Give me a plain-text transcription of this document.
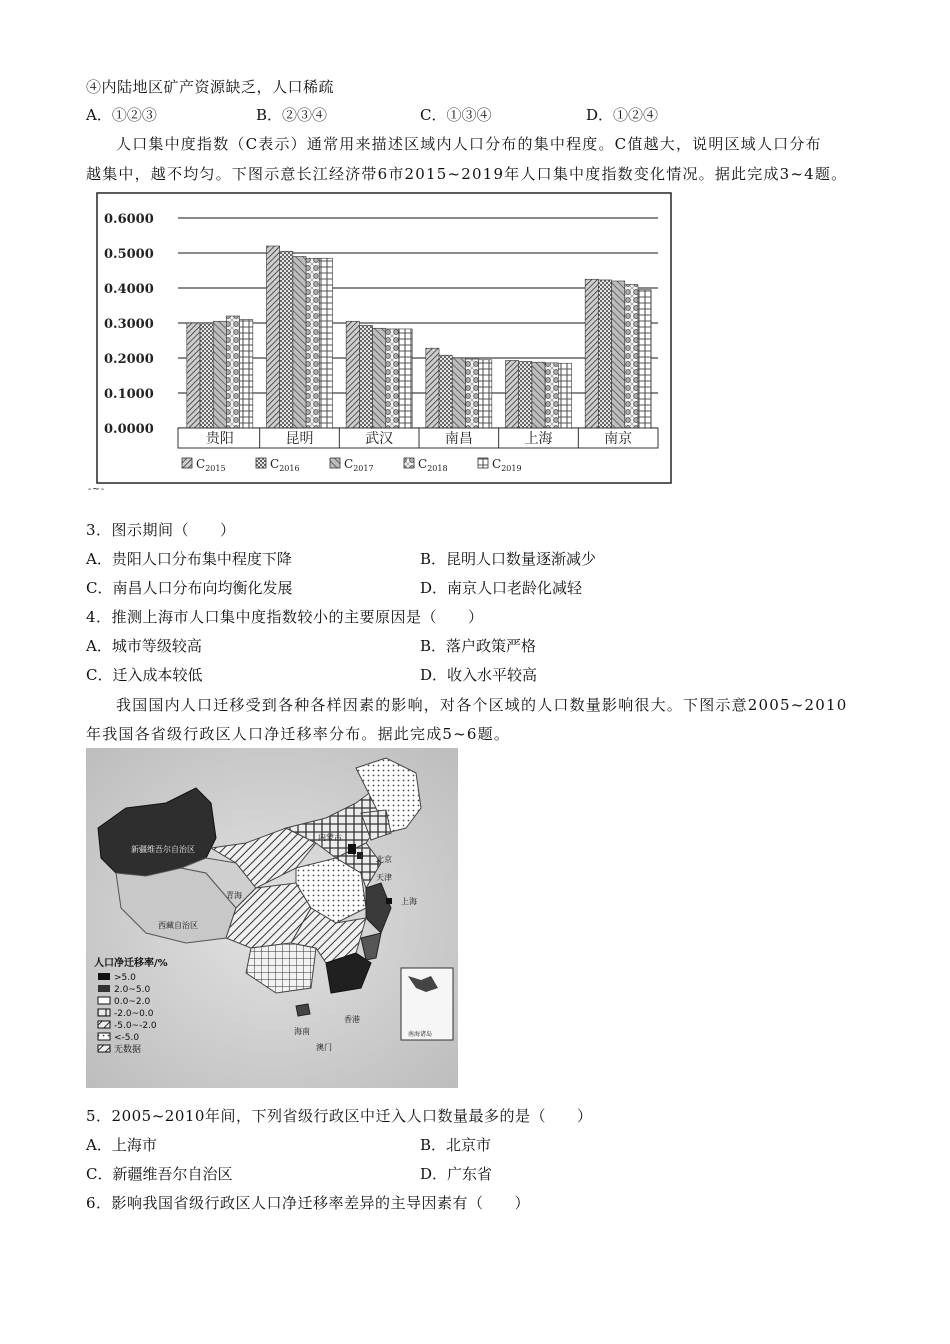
④内陆地区矿产资源缺乏，人口稀疏
A．①②③	B．②③④	C．①③④	D．①②④
人口集中度指数（C表示）通常用来描述区域内人口分布的集中程度。C值越大，说明区域人口分布
越集中，越不均匀。下图示意长江经济带6市2015~2019年人口集中度指数变化情况。据此完成3~4题。
0.6000
0.5000
0.4000
0.3000
0.2000
0.1000
0.0000
贵阳	昆明	武汉	南昌	上海	南京
$C_{2015}$	$C_{2016}$	$C_{2017}$	$C_{2018}$	$C_{2019}$
-~-
3．图示期间（　　）
A．贵阳人口分布集中程度下降	B．昆明人口数量逐渐减少
C．南昌人口分布向均衡化发展	D．南京人口老龄化减轻
4．推测上海市人口集中度指数较小的主要原因是（　　）
A．城市等级较高	B．落户政策严格
C．迁入成本较低	D．收入水平较高
我国国内人口迁移受到各种各样因素的影响，对各个区域的人口数量影响很大。下图示意2005~2010
年我国各省级行政区人口净迁移率分布。据此完成5~6题。
新疆维吾尔自治区
内蒙古
北京
天津
青海
上海
西藏自治区
海南
香港
澳门
南海诸岛
人口净迁移率/%
>5.0
2.0~5.0
0.0~2.0
-2.0~0.0
-5.0~-2.0
<-5.0
无数据
5．2005~2010年间，下列省级行政区中迁入人口数量最多的是（　　）
A．上海市	B．北京市
C．新疆维吾尔自治区	D．广东省
6．影响我国省级行政区人口净迁移率差异的主导因素有（　　）
